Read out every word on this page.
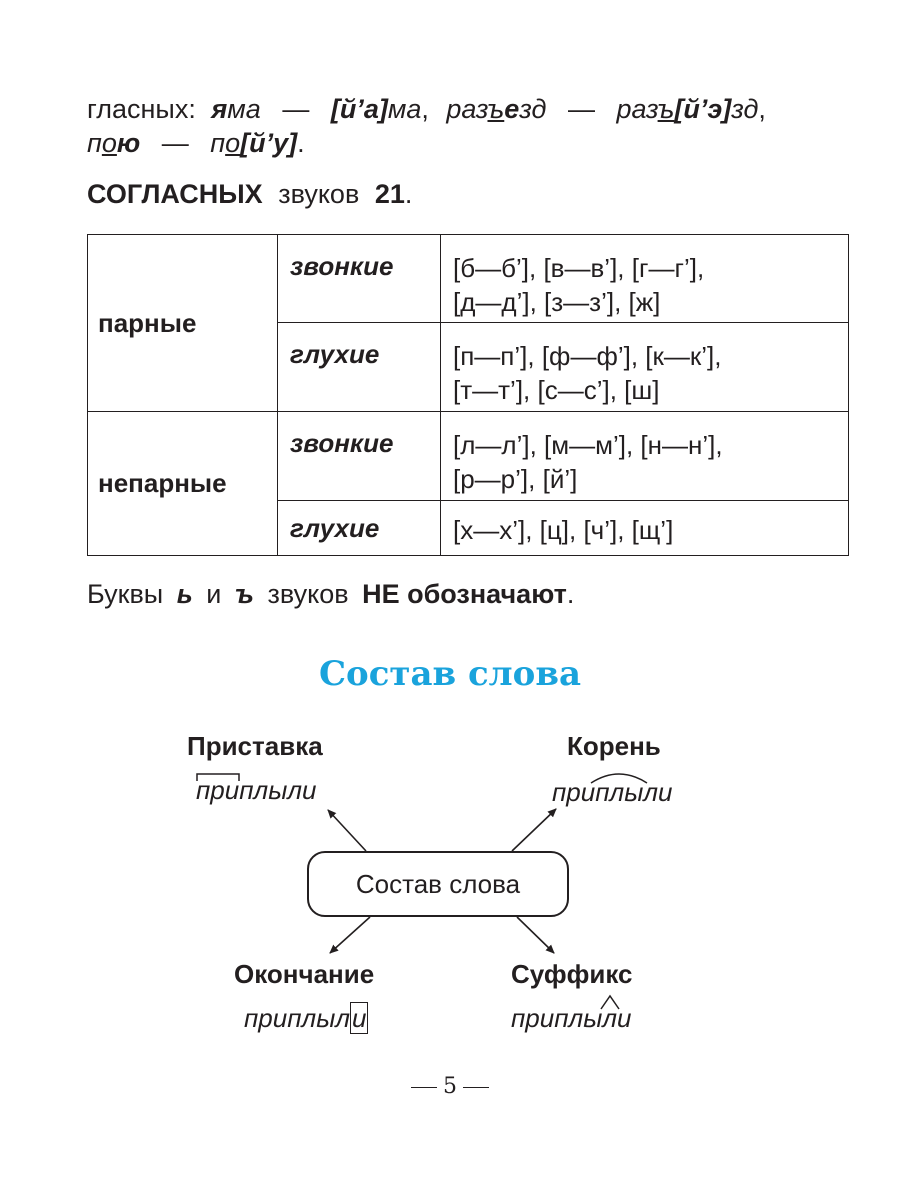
гласных: яма — [й’а]ма, разъезд — разъ[й’э]зд,
пою — по[й’у].
СОГЛАСНЫХ звуков 21.
парные	звонкие	[б—б’], [в—в’], [г—г’],
[д—д’], [з—з’], [ж]

	глухие	[п—п’], [ф—ф’], [к—к’],
[т—т’], [с—с’], [ш]

непарные	звонкие	[л—л’], [м—м’], [н—н’],
[р—р’], [й’]

	глухие	[х—х’], [ц], [ч’], [щ’]
Буквы ь и ъ звуков НЕ обозначают.
Состав слова
Состав слова
Приставка
при
плыли
Корень
приплы
ли
Окончание
приплыли
Суффикс
приплыл
и
5
